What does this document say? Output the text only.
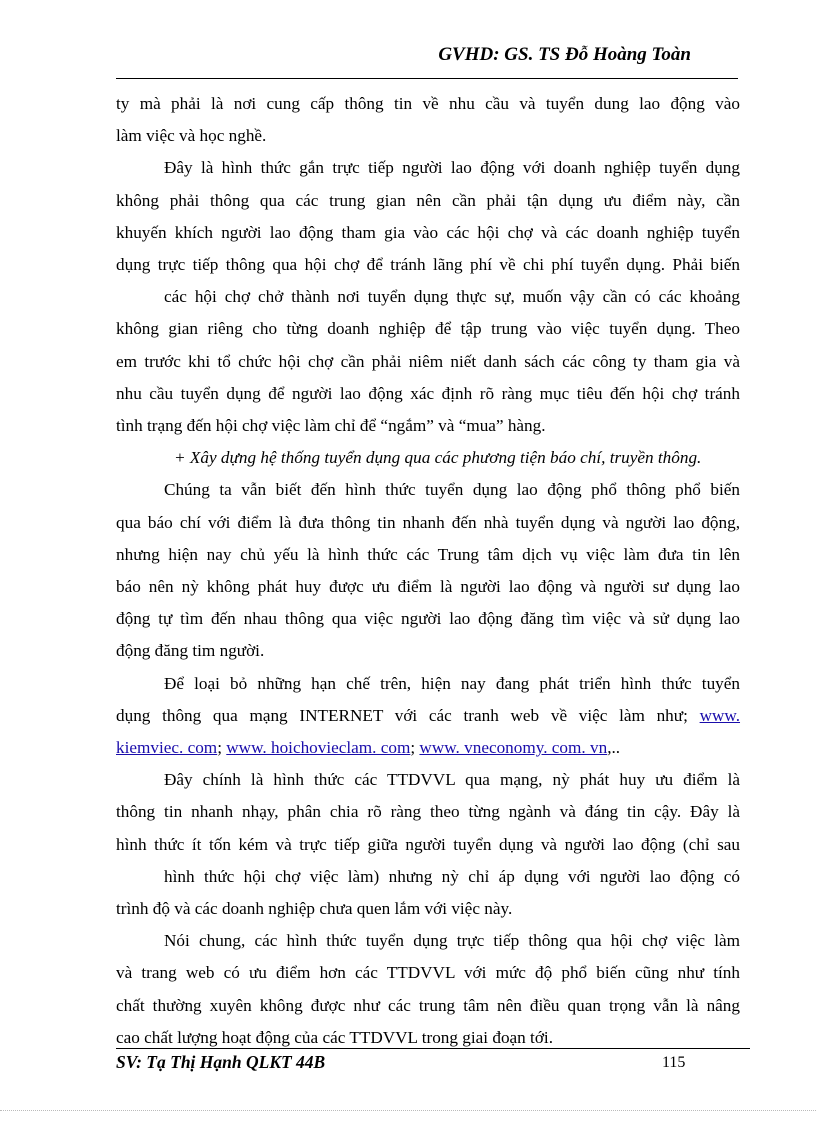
GVHD: GS. TS Đỗ Hoàng Toàn
ty mà phải là nơi cung cấp thông tin về nhu cầu và tuyển dung lao động vào
làm việc và học nghề.
Đây là hình thức gắn trực tiếp người lao động với doanh nghiệp tuyển dụng
không phải thông qua các trung gian nên cần phải tận dụng ưu điểm này, cần
khuyến khích người lao động tham gia vào các hội chợ và các doanh nghiệp tuyển
dụng trực tiếp thông qua hội chợ để tránh lãng phí về chi phí tuyển dụng. Phải biến
các hội chợ chở thành nơi tuyển dụng thực sự, muốn vậy cần có các khoảng
không gian riêng cho từng doanh nghiệp để tập trung vào việc tuyển dụng. Theo
em trước khi tổ chức hội chợ cần phải niêm niết danh sách các công ty tham gia và
nhu cầu tuyển dụng để người lao động xác định rõ ràng mục tiêu đến hội chợ tránh
tình trạng đến hội chợ việc làm chỉ để “ngắm” và “mua” hàng.
+ Xây dựng hệ thống tuyển dụng qua các phương tiện báo chí, truyền thông.
Chúng ta vẫn biết đến hình thức tuyển dụng lao động phổ thông phổ biến
qua báo chí với điểm là đưa thông tin nhanh đến nhà tuyển dụng và người lao động,
nhưng hiện nay chủ yếu là hình thức các Trung tâm dịch vụ việc làm đưa tin lên
báo nên nỳ không phát huy được ưu điểm là người lao động và người sư dụng lao
động tự tìm đến nhau thông qua việc người lao động đăng tìm việc và sử dụng lao
động đăng tim người.
Để loại bỏ những hạn chế trên, hiện nay đang phát triển hình thức tuyển
dụng thông qua mạng INTERNET với các tranh web về việc làm như; www.
kiemviec. com; www. hoichovieclam. com; www. vneconomy. com. vn,..
Đây chính là hình thức các TTDVVL qua mạng, nỳ phát huy ưu điểm là
thông tin nhanh nhạy, phân chia rõ ràng theo từng ngành và đáng tin cậy. Đây là
hình thức ít tốn kém và trực tiếp giữa người tuyển dụng và người lao động (chỉ sau
hình thức hội chợ việc làm) nhưng nỳ chỉ áp dụng với người lao động có
trình độ và các doanh nghiệp chưa quen lắm với việc này.
Nói chung, các hình thức tuyển dụng trực tiếp thông qua hội chợ việc làm
và trang web có ưu điểm hơn các TTDVVL với mức độ phổ biến cũng như tính
chất thường xuyên không được như các trung tâm nên điều quan trọng vẫn là nâng
cao chất lượng hoạt động của các TTDVVL trong giai đoạn tới.
SV: Tạ Thị Hạnh QLKT 44B	115
